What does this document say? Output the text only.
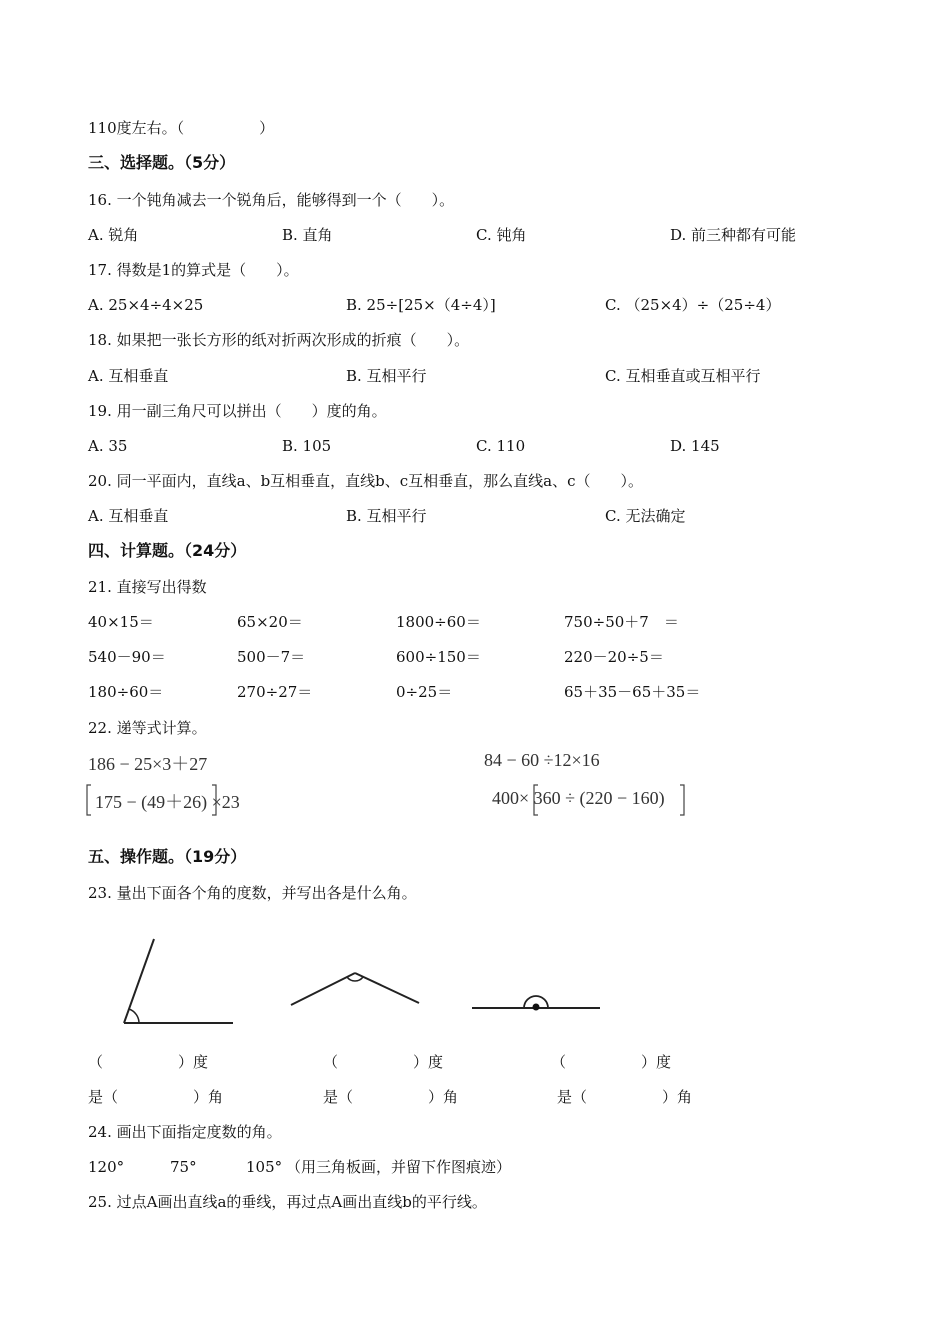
110度左右。（　　　　　）
三、选择题。（5分）
16. 一个钝角减去一个锐角后，能够得到一个（　　）。
A. 锐角	B. 直角	C. 钝角	D. 前三种都有可能
17. 得数是1的算式是（　　）。
A. 25×4÷4×25	B. 25÷[25×（4÷4）]	C. （25×4）÷（25÷4）
18. 如果把一张长方形的纸对折两次形成的折痕（　　）。
A. 互相垂直	B. 互相平行	C. 互相垂直或互相平行
19. 用一副三角尺可以拼出（　　）度的角。
A. 35	B. 105	C. 110	D. 145
20. 同一平面内，直线a、b互相垂直，直线b、c互相垂直，那么直线a、c（　　）。
A. 互相垂直	B. 互相平行	C. 无法确定
四、计算题。（24分）
21. 直接写出得数
40×15＝	65×20＝	1800÷60＝	750÷50＋7　＝
540－90＝	500－7＝	600÷150＝	220－20÷5＝
180÷60＝	270÷27＝	0÷25＝	65＋35－65＋35＝
22. 递等式计算。
186 − 25×3＋27	84 − 60 ÷12×16
175 − (49＋26) ×23	400× 360 ÷ (220 − 160)
五、操作题。（19分）
23. 量出下面各个角的度数，并写出各是什么角。
（　　　　　）度	（　　　　　）度	（　　　　　）度
是（　　　　　）角	是（　　　　　）角	是（　　　　　）角
24. 画出下面指定度数的角。
120°	75°	105° （用三角板画，并留下作图痕迹）
25. 过点A画出直线a的垂线，再过点A画出直线b的平行线。
